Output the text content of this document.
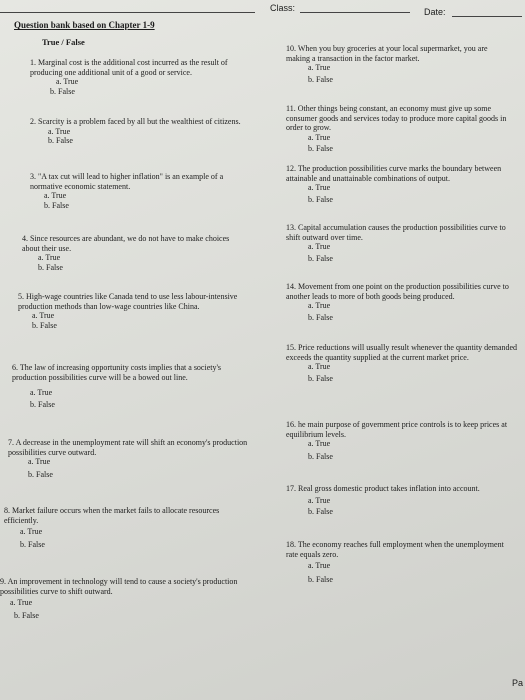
Class:	Date:
Question bank based on Chapter 1-9
True / False
1. Marginal cost is the additional cost incurred as the result of producing one additional unit of a good or service.
a. True
b. False
2. Scarcity is a problem faced by all but the wealthiest of citizens.
a. True
b. False
3. "A tax cut will lead to higher inflation" is an example of a normative economic statement.
a. True
b. False
4. Since resources are abundant, we do not have to make choices about their use.
a. True
b. False
5. High-wage countries like Canada tend to use less labour-intensive production methods than low-wage countries like China.
a. True
b. False
6. The law of increasing opportunity costs implies that a society's production possibilities curve will be a bowed out line.
a. True
b. False
7. A decrease in the unemployment rate will shift an economy's production possibilities curve outward.
a. True
b. False
8. Market failure occurs when the market fails to allocate resources efficiently.
a. True
b. False
9. An improvement in technology will tend to cause a society's production possibilities curve to shift outward.
a. True
b. False
10. When you buy groceries at your local supermarket, you are making a transaction in the factor market.
a. True
b. False
11. Other things being constant, an economy must give up some consumer goods and services today to produce more capital goods in order to grow.
a. True
b. False
12. The production possibilities curve marks the boundary between attainable and unattainable combinations of output.
a. True
b. False
13. Capital accumulation causes the production possibilities curve to shift outward over time.
a. True
b. False
14. Movement from one point on the production possibilities curve to another leads to more of both goods being produced.
a. True
b. False
15. Price reductions will usually result whenever the quantity demanded exceeds the quantity supplied at the current market price.
a. True
b. False
16. he main purpose of government price controls is to keep prices at equilibrium levels.
a. True
b. False
17. Real gross domestic product takes inflation into account.
a. True
b. False
18. The economy reaches full employment when the unemployment rate equals zero.
a. True
b. False
Pa
